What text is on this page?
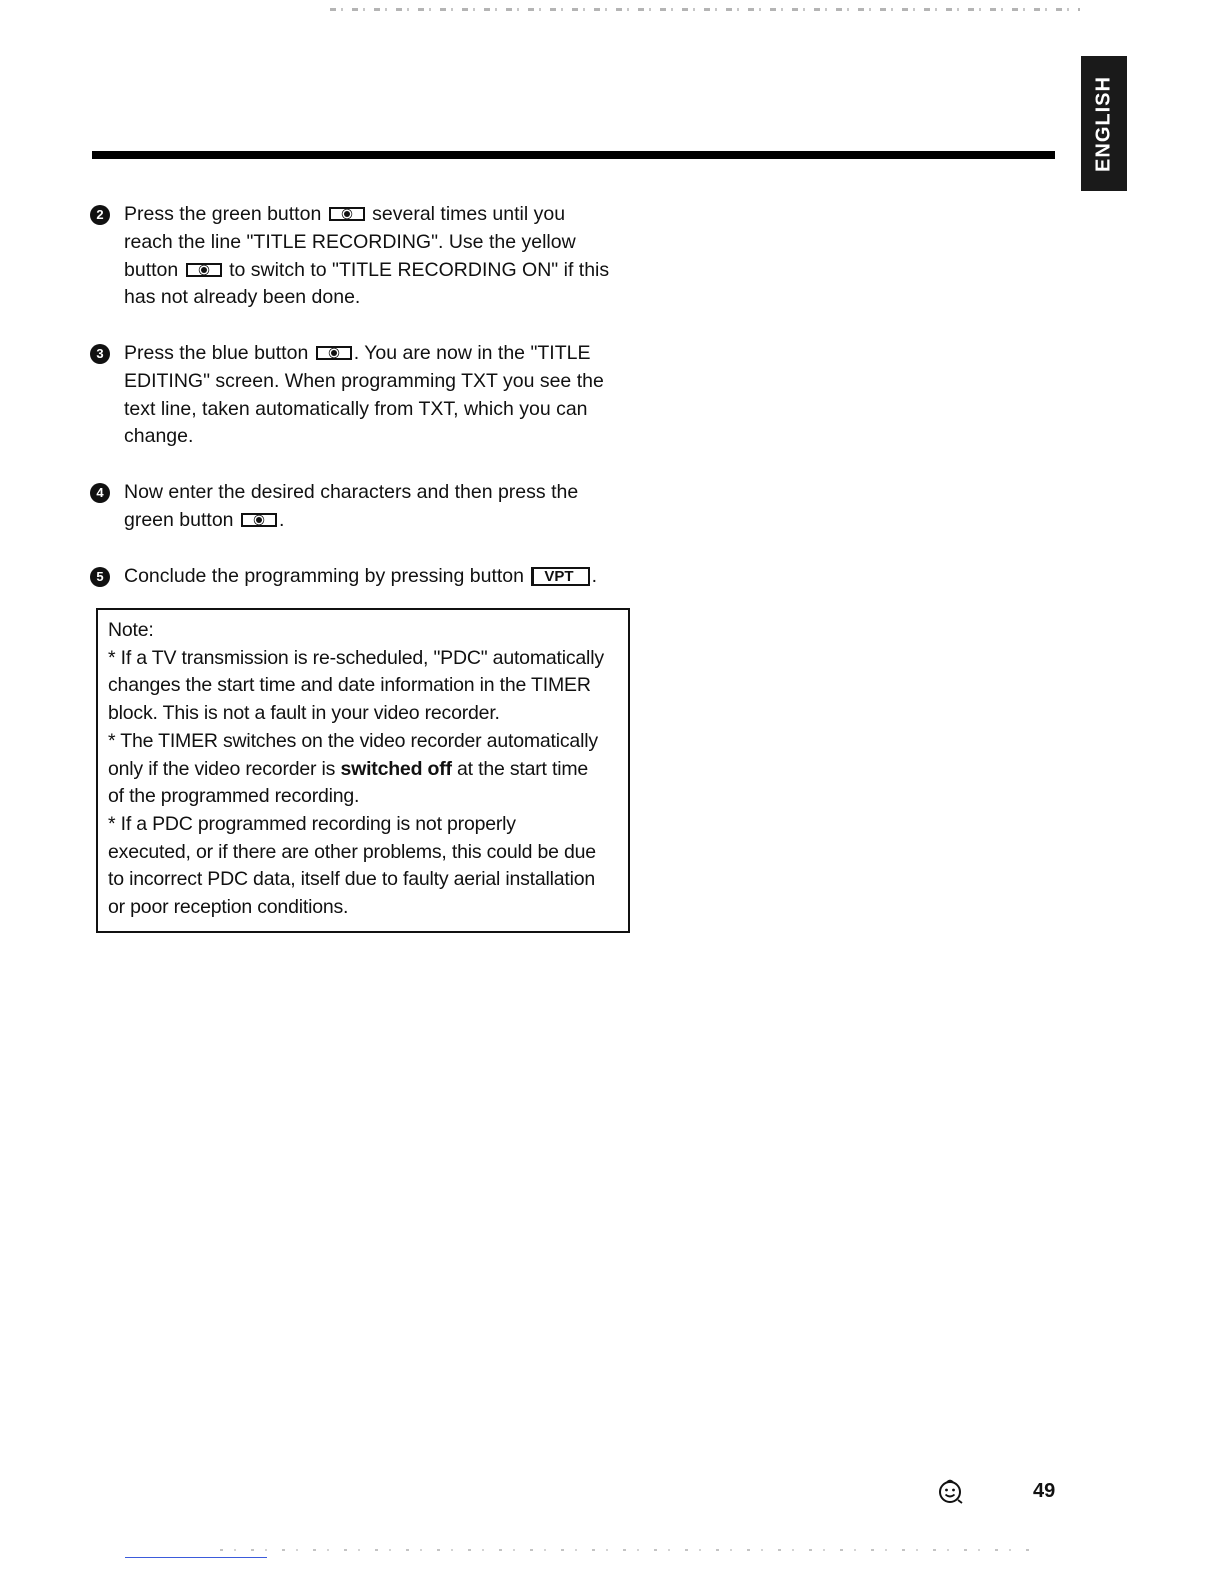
ENGLISH
2	Press the green button	several times until you
reach the line "TITLE RECORDING". Use the yellow
button	to switch to "TITLE RECORDING ON" if this
has not already been done.
3	Press the blue button . You are now in the "TITLE
EDITING" screen. When programming TXT you see the
text line, taken automatically from TXT, which you can
change.
4	Now enter the desired characters and then press the
green button .
5	Conclude the programming by pressing button VPT .

Note:

* If a TV transmission is re-scheduled, "PDC" automatically

changes the start time and date information in the TIMER

block. This is not a fault in your video recorder.

* The TIMER switches on the video recorder automatically

only if the video recorder is switched off at the start time

of the programmed recording.

* If a PDC programmed recording is not properly

executed, or if there are other problems, this could be due

to incorrect PDC data, itself due to faulty aerial installation

or poor reception conditions.

49
